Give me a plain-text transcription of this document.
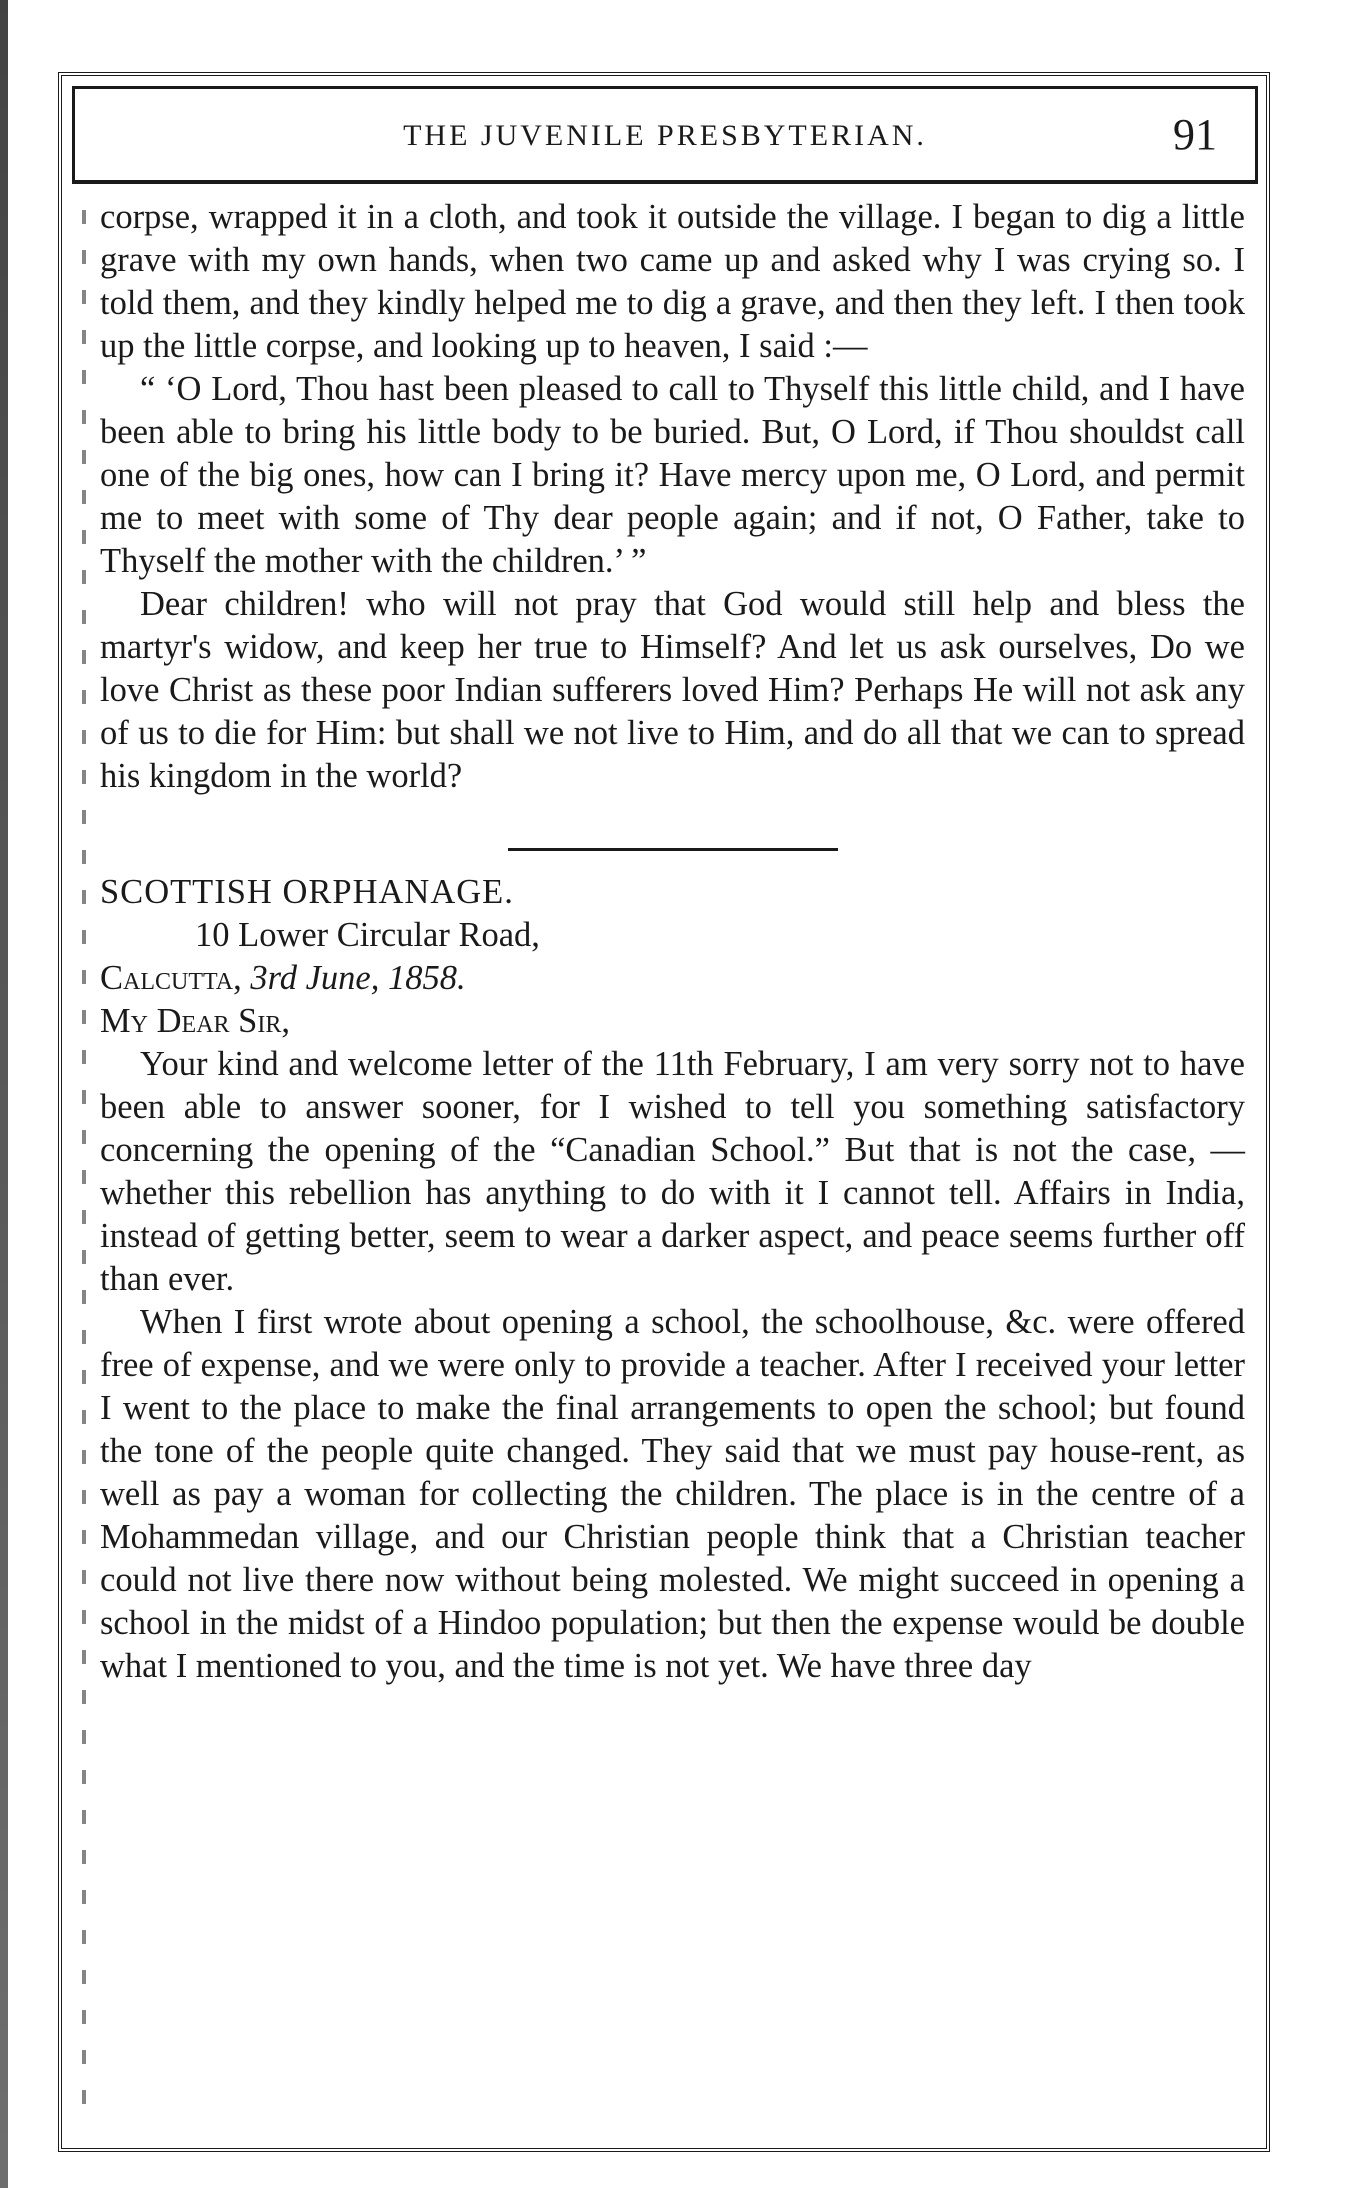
THE JUVENILE PRESBYTERIAN.	91

corpse, wrapped it in a cloth, and took it outside the village. I began to dig a little grave with my own hands, when two came up and asked why I was crying so. I told them, and they kindly helped me to dig a grave, and then they left. I then took up the little corpse, and looking up to heaven, I said :—

“ ‘O Lord, Thou hast been pleased to call to Thyself this little child, and I have been able to bring his little body to be buried. But, O Lord, if Thou shouldst call one of the big ones, how can I bring it? Have mercy upon me, O Lord, and permit me to meet with some of Thy dear people again; and if not, O Father, take to Thyself the mother with the children.’ ”

Dear children! who will not pray that God would still help and bless the martyr's widow, and keep her true to Himself? And let us ask ourselves, Do we love Christ as these poor Indian sufferers loved Him? Perhaps He will not ask any of us to die for Him: but shall we not live to Him, and do all that we can to spread his kingdom in the world?

SCOTTISH ORPHANAGE.

10 Lower Circular Road,

Calcutta, 3rd June, 1858.

My Dear Sir,

Your kind and welcome letter of the 11th February, I am very sorry not to have been able to answer sooner, for I wished to tell you something satisfactory concerning the opening of the “Canadian School.” But that is not the case, —whether this rebellion has anything to do with it I cannot tell. Affairs in India, instead of getting better, seem to wear a darker aspect, and peace seems further off than ever.

When I first wrote about opening a school, the schoolhouse, &c. were offered free of expense, and we were only to provide a teacher. After I received your letter I went to the place to make the final arrangements to open the school; but found the tone of the people quite changed. They said that we must pay house-rent, as well as pay a woman for collecting the children. The place is in the centre of a Mohammedan village, and our Christian people think that a Christian teacher could not live there now without being molested. We might succeed in opening a school in the midst of a Hindoo population; but then the expense would be double what I mentioned to you, and the time is not yet. We have three day
